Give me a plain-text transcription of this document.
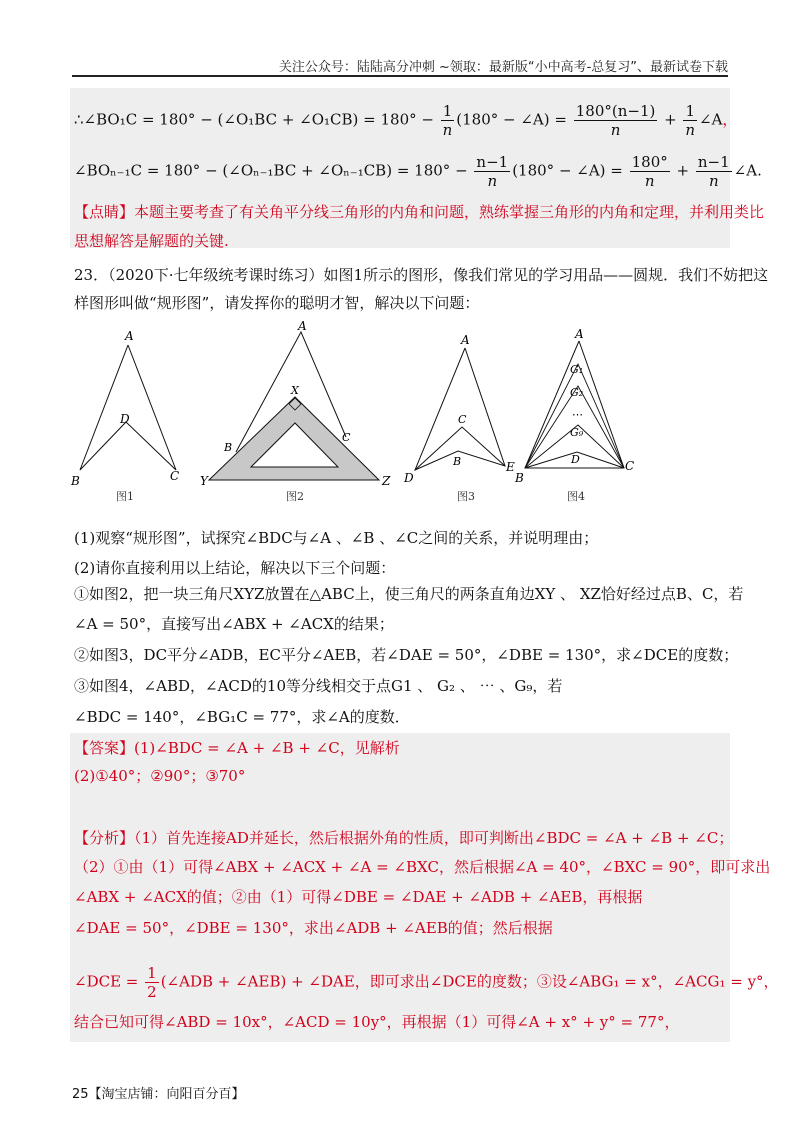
关注公众号：陆陆高分冲刺 ~领取：最新版“小中高考-总复习”、最新试卷下载
∴∠BO₁C = 180° − (∠O₁BC + ∠O₁CB) = $180^\circ - \frac{1}{n} (180^\circ$ − ∠A) = $\frac{180^\circ(n-1)}{n} + \frac{1}{n}$ ∠A，
∠BOₙ₋₁C = 180° − (∠Oₙ₋₁BC + ∠Oₙ₋₁CB) = $180^\circ - \frac{n-1}{n} (180^\circ$ − ∠A) = $\frac{180^\circ}{n} + \frac{n-1}{n}$ ∠A.
【点睛】本题主要考查了有关角平分线三角形的内角和问题，熟练掌握三角形的内角和定理，并利用类比
思想解答是解题的关键.
23．（2020下·七年级统考课时练习）如图1所示的图形，像我们常见的学习用品——圆规．我们不妨把这
样图形叫做“规形图”，请发挥你的聪明才智，解决以下问题：
A
D
B	C
图1
A
X
B
C
Y	Z
图2
A
C
B
D
E
图3
A
G₁
G₂
⋯
G₉
D
B
C
图4
(1)观察“规形图”，试探究∠BDC与∠A 、∠B 、∠C之间的关系，并说明理由；
(2)请你直接利用以上结论，解决以下三个问题：
①如图2，把一块三角尺XYZ放置在△ABC上，使三角尺的两条直角边XY 、 XZ恰好经过点B、C，若
∠A = 50°，直接写出∠ABX + ∠ACX的结果；
②如图3，DC平分∠ADB，EC平分∠AEB，若∠DAE = 50°，∠DBE = 130°，求∠DCE的度数；
③如图4，∠ABD，∠ACD的10等分线相交于点G1 、 G₂ 、 ⋯ 、G₉，若
∠BDC = 140°，∠BG₁C = 77°，求∠A的度数．
【答案】(1)∠BDC = ∠A + ∠B + ∠C，见解析
(2)①40°；②90°；③70°
【分析】（1）首先连接AD并延长，然后根据外角的性质，即可判断出∠BDC = ∠A + ∠B + ∠C；
（2）①由（1）可得∠ABX + ∠ACX + ∠A = ∠BXC，然后根据∠A = 40°，∠BXC = 90°，即可求出
∠ABX + ∠ACX的值；②由（1）可得∠DBE = ∠DAE + ∠ADB + ∠AEB，再根据
∠DAE = 50°，∠DBE = 130°，求出∠ADB + ∠AEB的值；然后根据
∠DCE = $\frac{1}{2}$ (∠ADB + ∠AEB) + ∠DAE，即可求出∠DCE的度数；③设∠ABG₁ = x°，∠ACG₁ = y°，
结合已知可得∠ABD = 10x°，∠ACD = 10y°，再根据（1）可得∠A + x° + y° = 77°，
25【淘宝店铺：向阳百分百】
